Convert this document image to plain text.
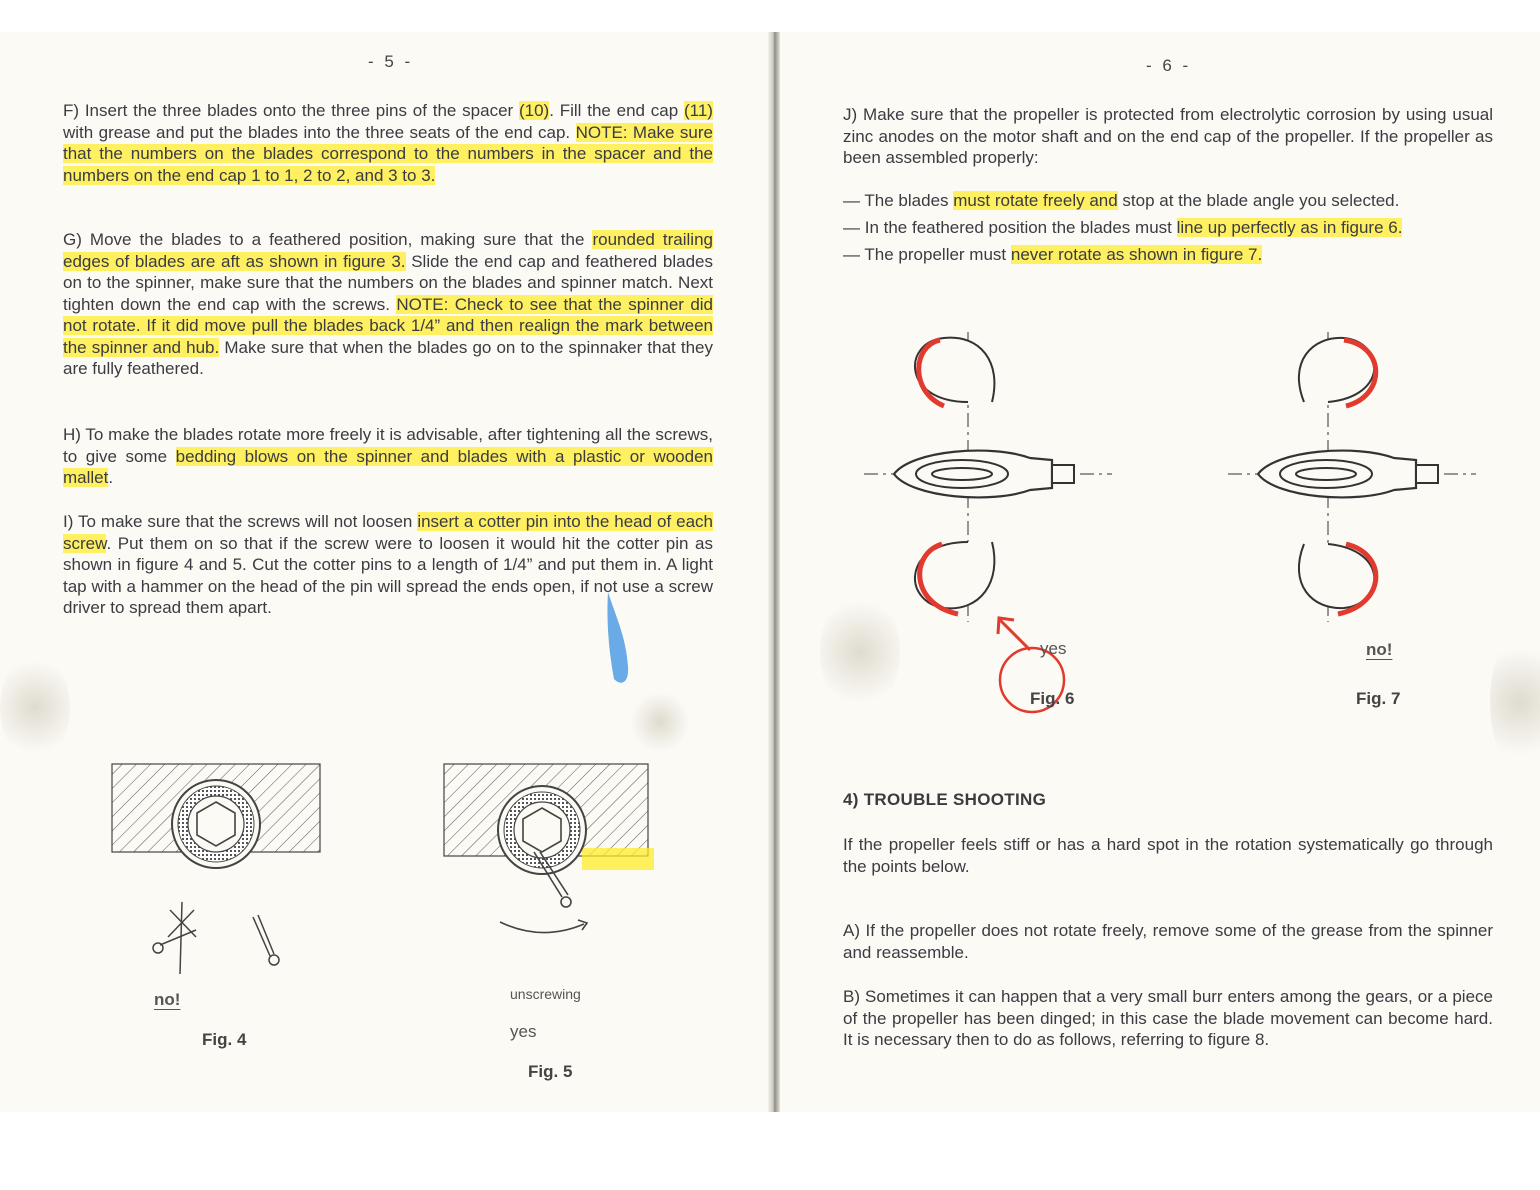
- 5 -
F) Insert the three blades onto the three pins of the spacer (10). Fill the end cap (11) with grease and put the blades into the three seats of the end cap. NOTE: Make sure that the numbers on the blades correspond to the numbers in the spacer and the numbers on the end cap 1 to 1, 2 to 2, and 3 to 3.
G) Move the blades to a feathered position, making sure that the rounded trailing edges of blades are aft as shown in figure 3. Slide the end cap and feathered blades on to the spinner, make sure that the numbers on the blades and spinner match. Next tighten down the end cap with the screws. NOTE: Check to see that the spinner did not rotate. If it did move pull the blades back 1/4” and then realign the mark between the spinner and hub. Make sure that when the blades go on to the spinnaker that they are fully feathered.
H) To make the blades rotate more freely it is advisable, after tightening all the screws, to give some bedding blows on the spinner and blades with a plastic or wooden mallet.
I) To make sure that the screws will not loosen insert a cotter pin into the head of each screw. Put them on so that if the screw were to loosen it would hit the cotter pin as shown in figure 4 and 5. Cut the cotter pins to a length of 1/4” and put them in. A light tap with a hammer on the head of the pin will spread the ends open, if not use a screw driver to spread them apart.
no!
Fig. 4
unscrewing
yes
Fig. 5
- 6 -
J) Make sure that the propeller is protected from electrolytic corrosion by using usual zinc anodes on the motor shaft and on the end cap of the propeller. If the propeller as been assembled properly:
— The blades must rotate freely and stop at the blade angle you selected.
— In the feathered position the blades must line up perfectly as in figure 6.
— The propeller must never rotate as shown in figure 7.
yes
Fig. 6
no!
Fig. 7
4) TROUBLE SHOOTING
If the propeller feels stiff or has a hard spot in the rotation systematically go through the points below.
A) If the propeller does not rotate freely, remove some of the grease from the spinner and reassemble.
B) Sometimes it can happen that a very small burr enters among the gears, or a piece of the propeller has been dinged; in this case the blade movement can become hard. It is necessary then to do as follows, referring to figure 8.
